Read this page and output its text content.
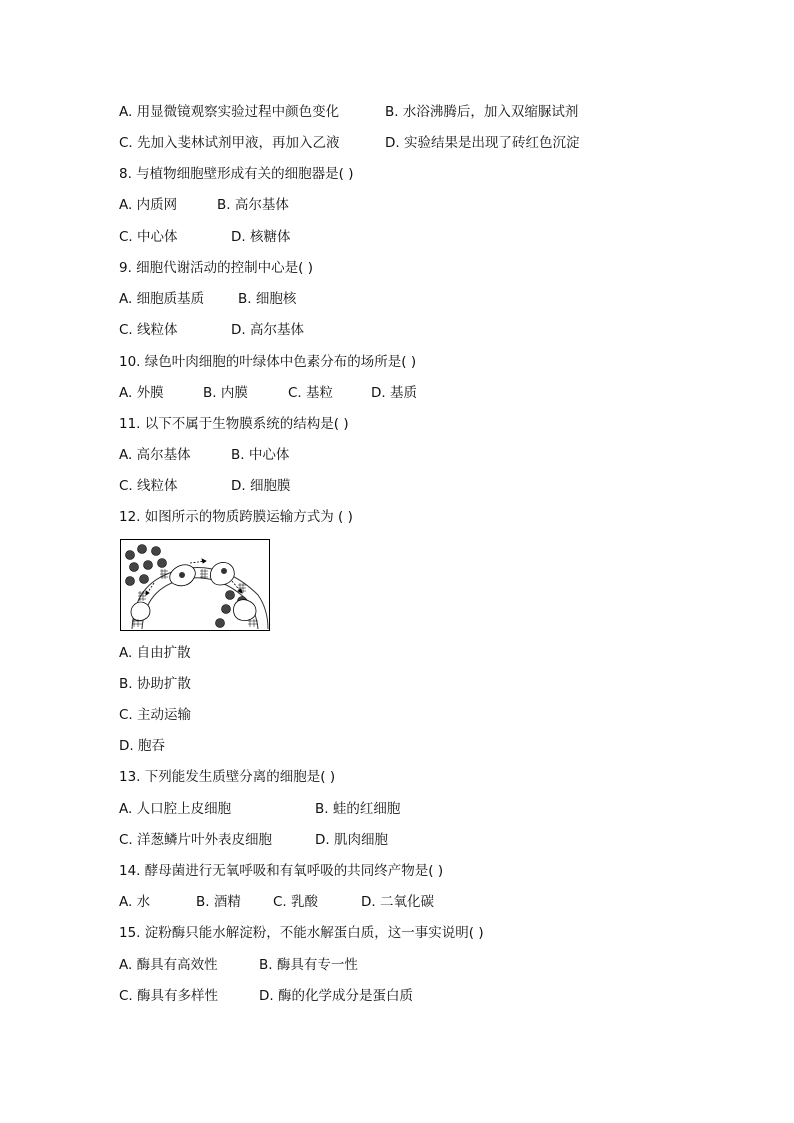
A. 用显微镜观察实验过程中颜色变化	B. 水浴沸腾后，加入双缩脲试剂
C. 先加入斐林试剂甲液，再加入乙液	D. 实验结果是出现了砖红色沉淀
8. 与植物细胞壁形成有关的细胞器是( )
A. 内质网	B. 高尔基体
C. 中心体	D. 核糖体
9. 细胞代谢活动的控制中心是( )
A. 细胞质基质	B. 细胞核
C. 线粒体	D. 高尔基体
10. 绿色叶肉细胞的叶绿体中色素分布的场所是( )
A. 外膜	B. 内膜	C. 基粒	D. 基质
11. 以下不属于生物膜系统的结构是( )
A. 高尔基体	B. 中心体
C. 线粒体	D. 细胞膜
12. 如图所示的物质跨膜运输方式为 ( )
A. 自由扩散
B. 协助扩散
C. 主动运输
D. 胞吞
13. 下列能发生质壁分离的细胞是( )
A. 人口腔上皮细胞	B. 蛙的红细胞
C. 洋葱鳞片叶外表皮细胞	D. 肌肉细胞
14. 酵母菌进行无氧呼吸和有氧呼吸的共同终产物是( )
A. 水	B. 酒精 C. 乳酸	D. 二氧化碳
15. 淀粉酶只能水解淀粉，不能水解蛋白质，这一事实说明( )
A. 酶具有高效性	B. 酶具有专一性
C. 酶具有多样性	D. 酶的化学成分是蛋白质
